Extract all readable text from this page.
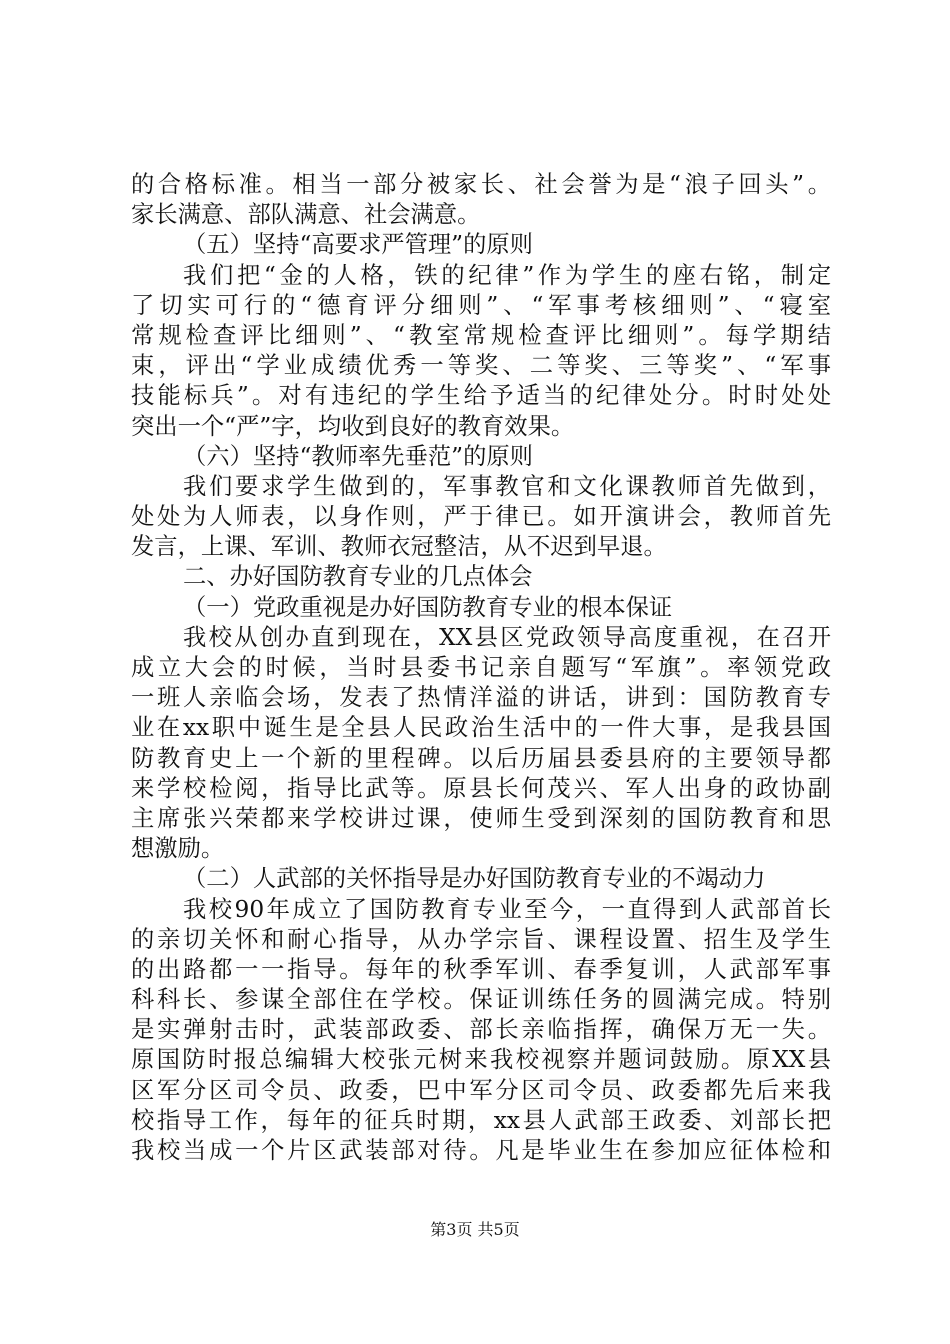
的合格标准。相当一部分被家长、社会誉为是“浪子回头”。
家长满意、部队满意、社会满意。
（五）坚持“高要求严管理”的原则
我们把“金的人格，铁的纪律”作为学生的座右铭，制定
了切实可行的“德育评分细则”、“军事考核细则”、“寝室
常规检查评比细则”、“教室常规检查评比细则”。每学期结
束，评出“学业成绩优秀一等奖、二等奖、三等奖”、“军事
技能标兵”。对有违纪的学生给予适当的纪律处分。时时处处
突出一个“严”字，均收到良好的教育效果。
（六）坚持“教师率先垂范”的原则
我们要求学生做到的，军事教官和文化课教师首先做到，
处处为人师表，以身作则，严于律已。如开演讲会，教师首先
发言，上课、军训、教师衣冠整洁，从不迟到早退。
二、办好国防教育专业的几点体会
（一）党政重视是办好国防教育专业的根本保证
我校从创办直到现在，XX县区党政领导高度重视，在召开
成立大会的时候，当时县委书记亲自题写“军旗”。率领党政
一班人亲临会场，发表了热情洋溢的讲话，讲到：国防教育专
业在xx职中诞生是全县人民政治生活中的一件大事，是我县国
防教育史上一个新的里程碑。以后历届县委县府的主要领导都
来学校检阅，指导比武等。原县长何茂兴、军人出身的政协副
主席张兴荣都来学校讲过课，使师生受到深刻的国防教育和思
想激励。
（二）人武部的关怀指导是办好国防教育专业的不竭动力
我校90年成立了国防教育专业至今，一直得到人武部首长
的亲切关怀和耐心指导，从办学宗旨、课程设置、招生及学生
的出路都一一指导。每年的秋季军训、春季复训，人武部军事
科科长、参谋全部住在学校。保证训练任务的圆满完成。特别
是实弹射击时，武装部政委、部长亲临指挥，确保万无一失。
原国防时报总编辑大校张元树来我校视察并题词鼓励。原XX县
区军分区司令员、政委，巴中军分区司令员、政委都先后来我
校指导工作，每年的征兵时期，xx县人武部王政委、刘部长把
我校当成一个片区武装部对待。凡是毕业生在参加应征体检和
第3页 共5页
